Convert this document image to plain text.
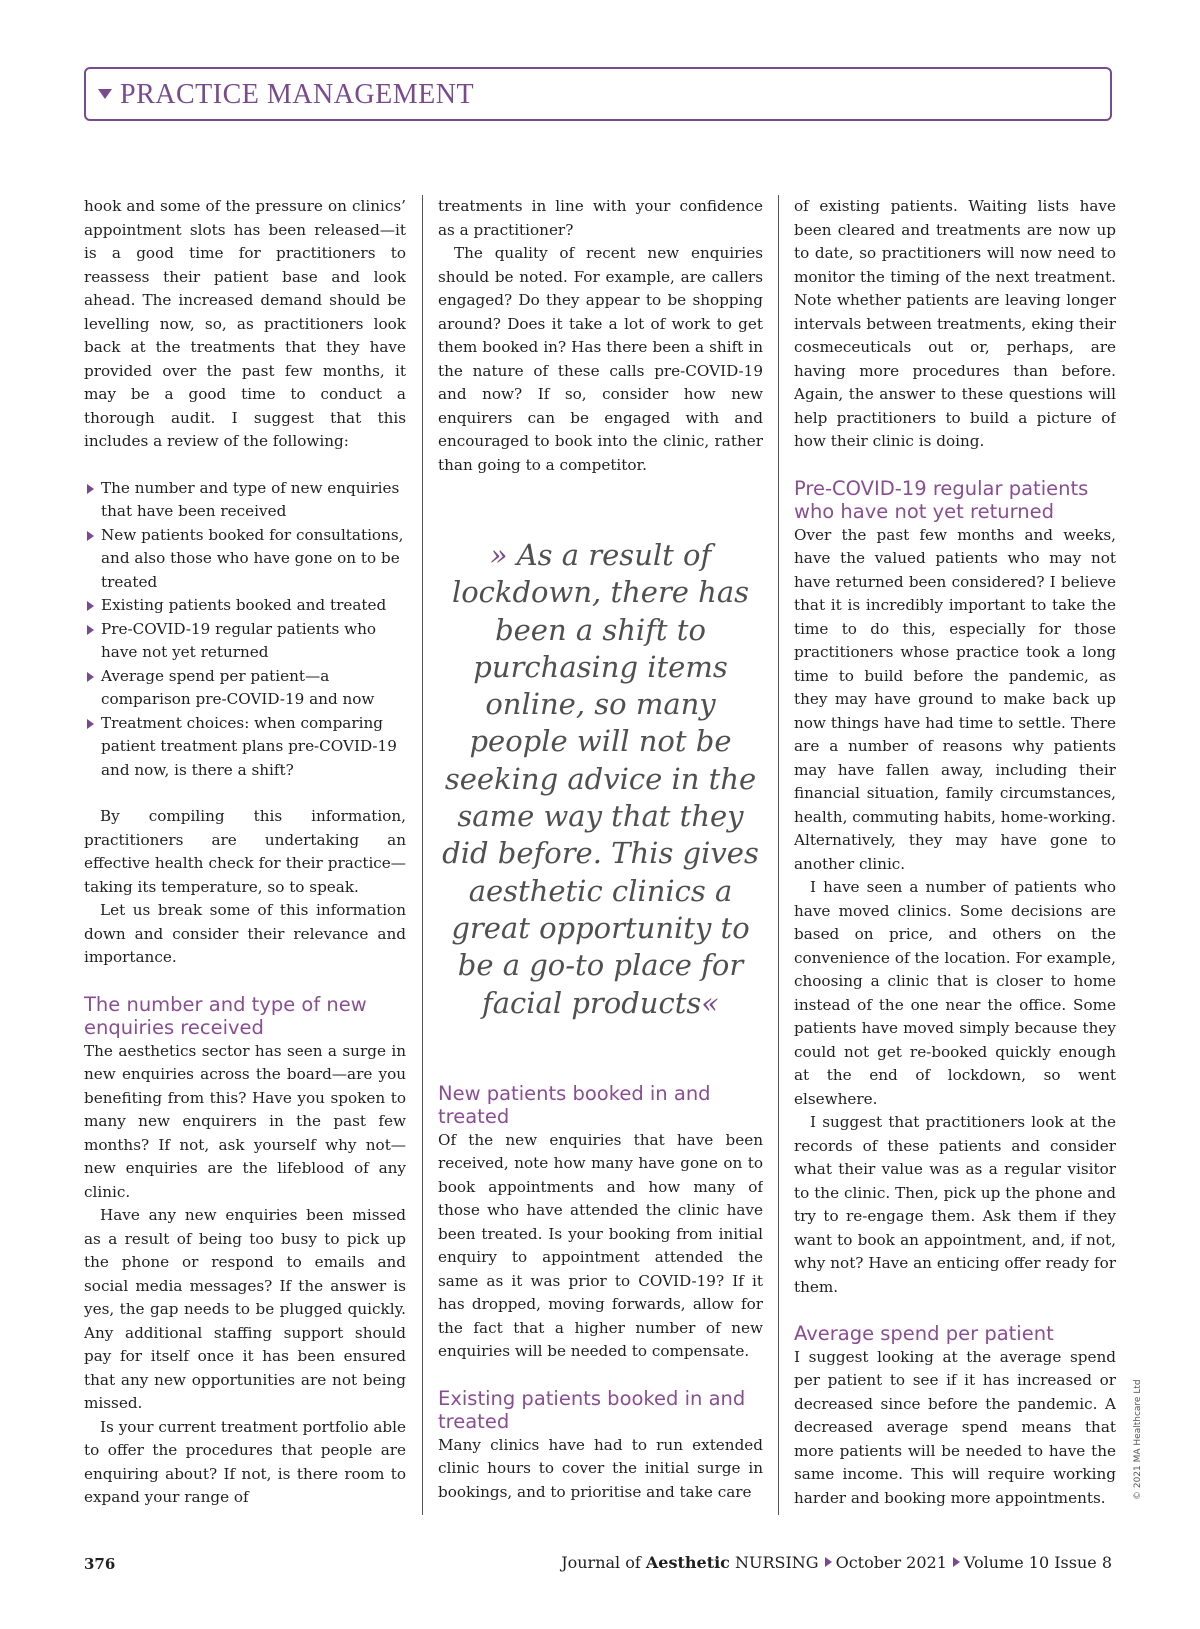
PRACTICE MANAGEMENT

hook and some of the pressure on clinics’ appointment slots has been released—it is a good time for practitioners to reassess their patient base and look ahead. The increased demand should be levelling now, so, as practitioners look back at the treatments that they have provided over the past few months, it may be a good time to conduct a thorough audit. I suggest that this includes a review of the following:

The number and type of new enquiries that have been received
New patients booked for consultations, and also those who have gone on to be treated
Existing patients booked and treated
Pre-COVID-19 regular patients who have not yet returned
Average spend per patient—a comparison pre-COVID-19 and now
Treatment choices: when comparing patient treatment plans pre-COVID-19 and now, is there a shift?

By compiling this information, practitioners are undertaking an effective health check for their practice—taking its temperature, so to speak.

Let us break some of this information down and consider their relevance and importance.

The number and type of new enquiries received

The aesthetics sector has seen a surge in new enquiries across the board—are you benefiting from this? Have you spoken to many new enquirers in the past few months? If not, ask yourself why not—new enquiries are the lifeblood of any clinic.

Have any new enquiries been missed as a result of being too busy to pick up the phone or respond to emails and social media messages? If the answer is yes, the gap needs to be plugged quickly. Any additional staffing support should pay for itself once it has been ensured that any new opportunities are not being missed.

Is your current treatment portfolio able to offer the procedures that people are enquiring about? If not, is there room to expand your range of

treatments in line with your confidence as a practitioner?

The quality of recent new enquiries should be noted. For example, are callers engaged? Do they appear to be shopping around? Does it take a lot of work to get them booked in? Has there been a shift in the nature of these calls pre-COVID-19 and now? If so, consider how new enquirers can be engaged with and encouraged to book into the clinic, rather than going to a competitor.

» As a result of lockdown, there has been a shift to purchasing items online, so many people will not be seeking advice in the same way that they did before. This gives aesthetic clinics a great opportunity to be a go-to place for facial products«

New patients booked in and treated

Of the new enquiries that have been received, note how many have gone on to book appointments and how many of those who have attended the clinic have been treated. Is your booking from initial enquiry to appointment attended the same as it was prior to COVID-19? If it has dropped, moving forwards, allow for the fact that a higher number of new enquiries will be needed to compensate.

Existing patients booked in and treated

Many clinics have had to run extended clinic hours to cover the initial surge in bookings, and to prioritise and take care

of existing patients. Waiting lists have been cleared and treatments are now up to date, so practitioners will now need to monitor the timing of the next treatment. Note whether patients are leaving longer intervals between treatments, eking their cosmeceuticals out or, perhaps, are having more procedures than before. Again, the answer to these questions will help practitioners to build a picture of how their clinic is doing.

Pre-COVID-19 regular patients who have not yet returned

Over the past few months and weeks, have the valued patients who may not have returned been considered? I believe that it is incredibly important to take the time to do this, especially for those practitioners whose practice took a long time to build before the pandemic, as they may have ground to make back up now things have had time to settle. There are a number of reasons why patients may have fallen away, including their financial situation, family circumstances, health, commuting habits, home-working. Alternatively, they may have gone to another clinic.

I have seen a number of patients who have moved clinics. Some decisions are based on price, and others on the convenience of the location. For example, choosing a clinic that is closer to home instead of the one near the office. Some patients have moved simply because they could not get re-booked quickly enough at the end of lockdown, so went elsewhere.

I suggest that practitioners look at the records of these patients and consider what their value was as a regular visitor to the clinic. Then, pick up the phone and try to re-engage them. Ask them if they want to book an appointment, and, if not, why not? Have an enticing offer ready for them.

Average spend per patient

I suggest looking at the average spend per patient to see if it has increased or decreased since before the pandemic. A decreased average spend means that more patients will be needed to have the same income. This will require working harder and booking more appointments.	© 2021 MA Healthcare Ltd
376	Journal of Aesthetic NURSING October 2021 Volume 10 Issue 8
